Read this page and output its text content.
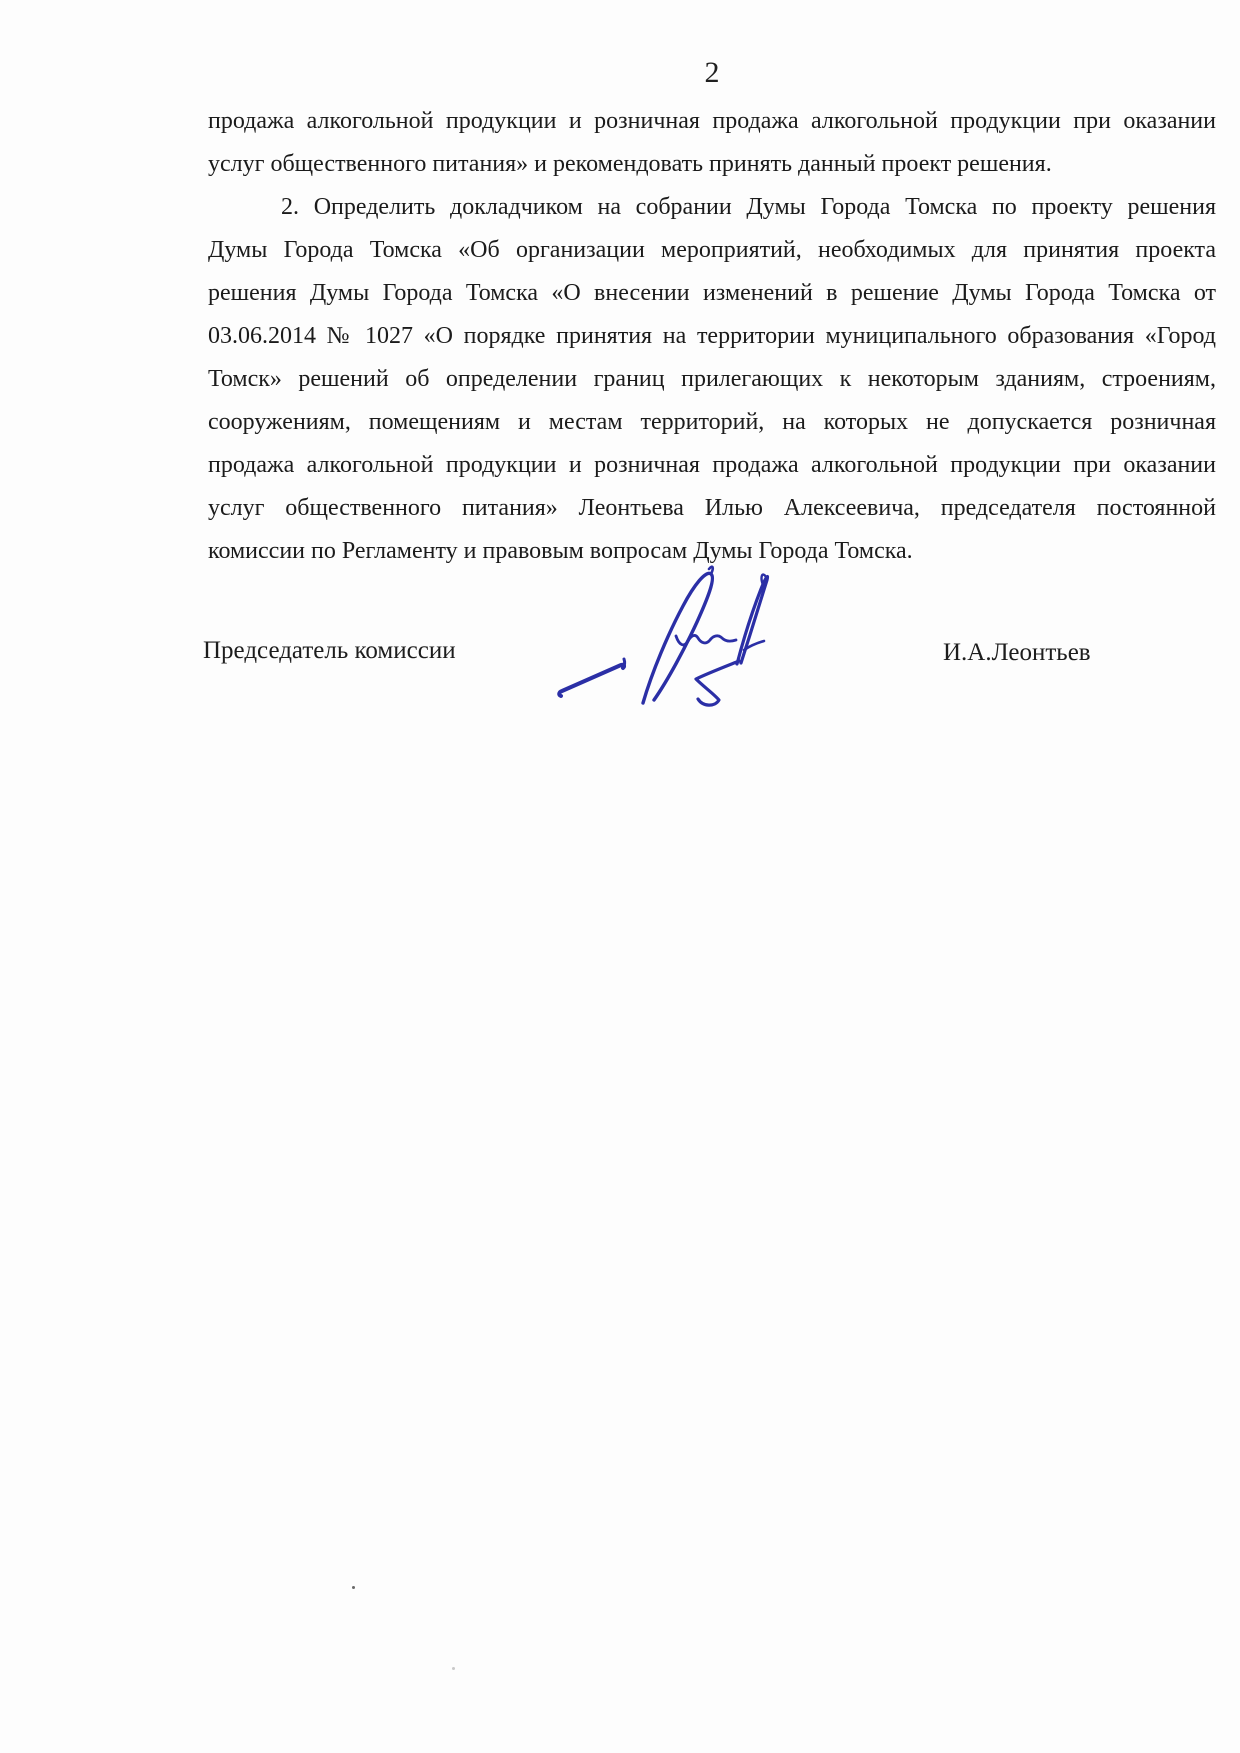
2
продажа алкогольной продукции и розничная продажа алкогольной продукции при оказании
услуг общественного питания» и рекомендовать принять данный проект решения.
2. Определить докладчиком на собрании Думы Города Томска по проекту решения
Думы Города Томска «Об организации мероприятий, необходимых для принятия проекта
решения Думы Города Томска «О внесении изменений в решение Думы Города Томска от
03.06.2014 № 1027 «О порядке принятия на территории муниципального образования «Город
Томск» решений об определении границ прилегающих к некоторым зданиям, строениям,
сооружениям, помещениям и местам территорий, на которых не допускается розничная
продажа алкогольной продукции и розничная продажа алкогольной продукции при оказании
услуг общественного питания» Леонтьева Илью Алексеевича, председателя постоянной
комиссии по Регламенту и правовым вопросам Думы Города Томска.
Председатель комиссии	И.А.Леонтьев
